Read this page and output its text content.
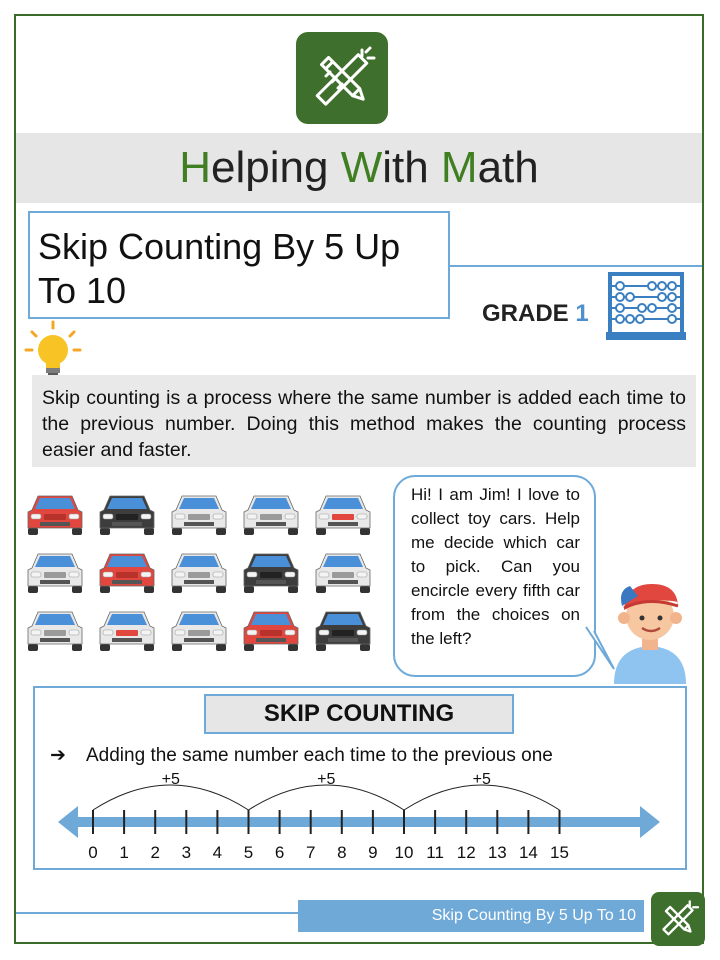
Helping With Math
Skip Counting By 5 Up To 10
GRADE 1
Skip counting is a process where the same number is added each time to the previous number. Doing this method makes the counting process easier and faster.
Hi! I am Jim! I love to collect toy cars. Help me decide which car to pick. Can you encircle every fifth car from the choices on the left?
SKIP COUNTING
➔ Adding the same number each time to the previous one
0 1 2 3 4 5 6 7 8 9 10 11 12 13 14 15
+5	+5	+5
Skip Counting By 5 Up To 10
